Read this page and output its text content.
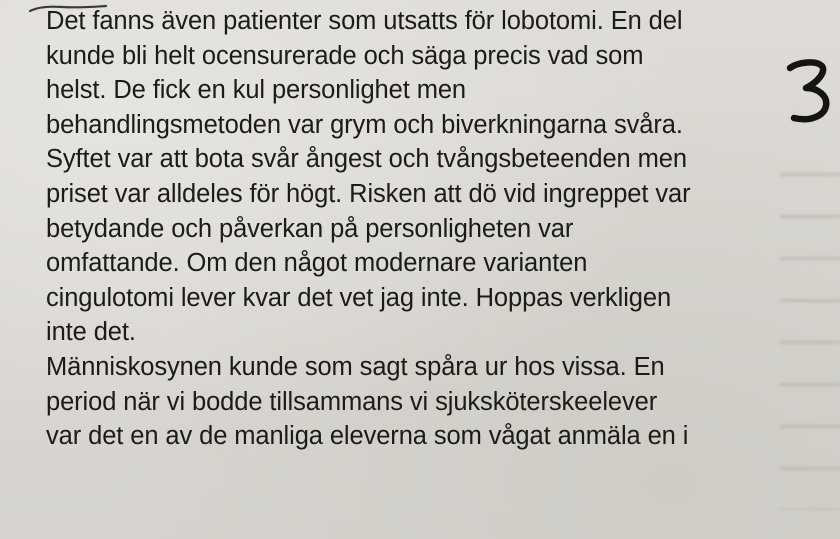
Det fanns även patienter som utsatts för lobotomi. En del
kunde bli helt ocensurerade och säga precis vad som
helst. De fick en kul personlighet men
behandlingsmetoden var grym och biverkningarna svåra.
Syftet var att bota svår ångest och tvångsbeteenden men
priset var alldeles för högt. Risken att dö vid ingreppet var
betydande och påverkan på personligheten var
omfattande. Om den något modernare varianten
cingulotomi lever kvar det vet jag inte. Hoppas verkligen
inte det.
Människosynen kunde som sagt spåra ur hos vissa. En
period när vi bodde tillsammans vi sjuksköterskeelever
var det en av de manliga eleverna som vågat anmäla en i
